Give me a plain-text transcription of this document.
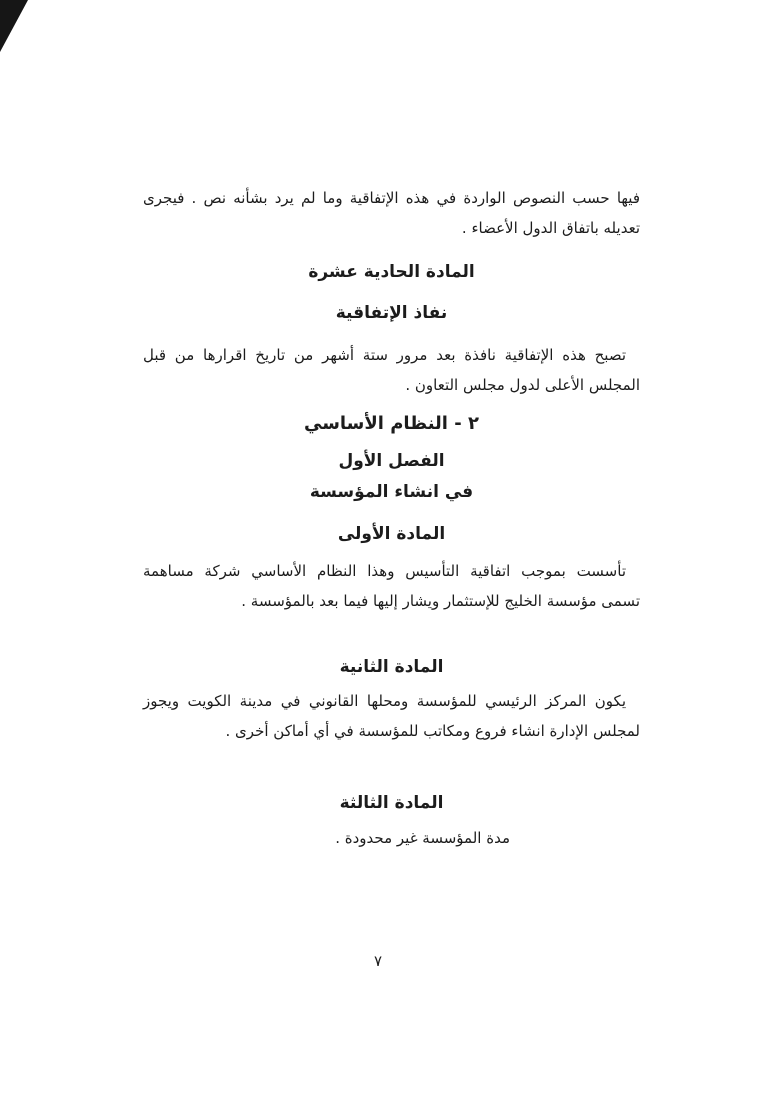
فيها حسب النصوص الواردة في هذه الإتفاقية وما لم يرد بشأنه نص . فيجرى
تعديله باتفاق الدول الأعضاء .
المادة الحادية عشرة
نفاذ الإتفاقية
تصبح هذه الإتفاقية نافذة بعد مرور ستة أشهر من تاريخ اقرارها من قبل
المجلس الأعلى لدول مجلس التعاون .
٢ - النظام الأساسي
الفصل الأول
في انشاء المؤسسة
المادة الأولى
تأسست بموجب اتفاقية التأسيس وهذا النظام الأساسي شركة مساهمة
تسمى مؤسسة الخليج للإستثمار ويشار إليها فيما بعد بالمؤسسة .
المادة الثانية
يكون المركز الرئيسي للمؤسسة ومحلها القانوني في مدينة الكويت ويجوز
لمجلس الإدارة انشاء فروع ومكاتب للمؤسسة في أي أماكن أخرى .
المادة الثالثة
مدة المؤسسة غير محدودة .
٧
